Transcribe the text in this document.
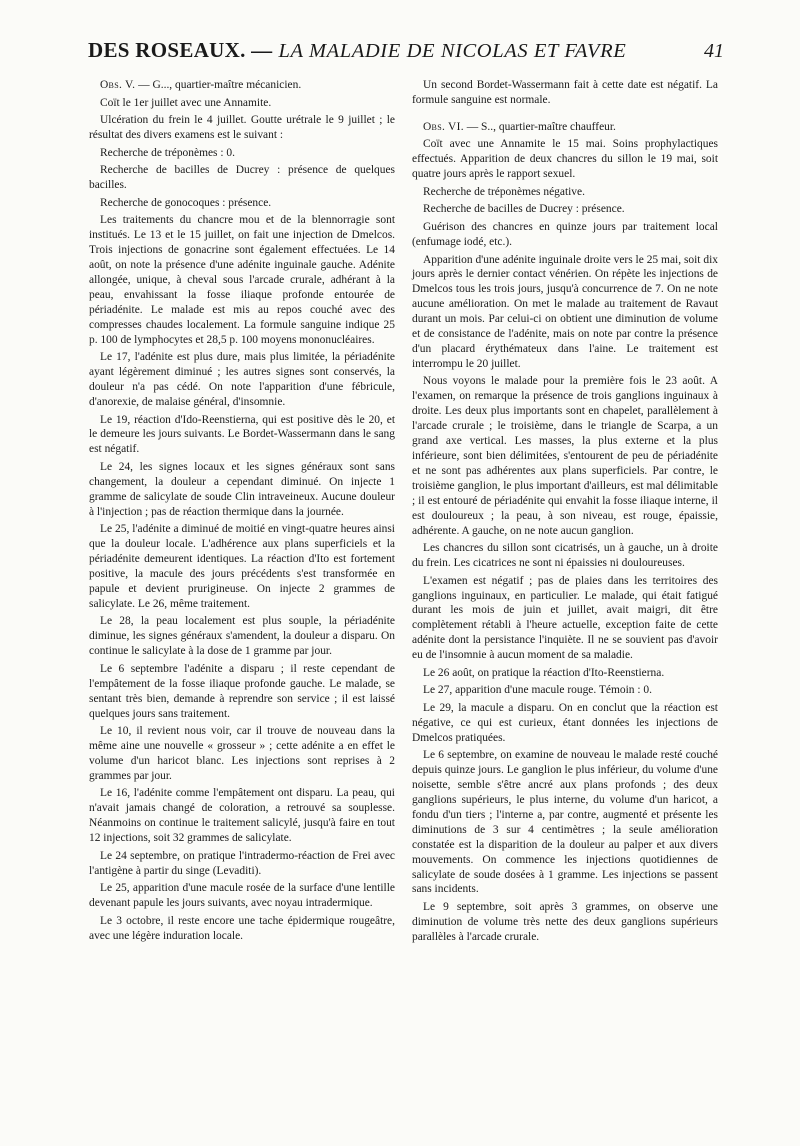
DES ROSEAUX. — LA MALADIE DE NICOLAS ET FAVRE	41

Obs. V. — G..., quartier-maître mécanicien.

Coït le 1er juillet avec une Annamite.

Ulcération du frein le 4 juillet. Goutte urétrale le 9 juillet ; le résultat des divers examens est le suivant :

Recherche de tréponèmes : 0.

Recherche de bacilles de Ducrey : présence de quelques bacilles.

Recherche de gonocoques : présence.

Les traitements du chancre mou et de la blennorragie sont institués. Le 13 et le 15 juillet, on fait une injection de Dmelcos. Trois injections de gonacrine sont également effectuées. Le 14 août, on note la présence d'une adénite inguinale gauche. Adénite allongée, unique, à cheval sous l'arcade crurale, adhérant à la peau, envahissant la fosse iliaque profonde entourée de périadénite. Le malade est mis au repos couché avec des compresses chaudes localement. La formule sanguine indique 25 p. 100 de lymphocytes et 28,5 p. 100 moyens mononucléaires.

Le 17, l'adénite est plus dure, mais plus limitée, la périadénite ayant légèrement diminué ; les autres signes sont conservés, la douleur n'a pas cédé. On note l'apparition d'une fébricule, d'anorexie, de malaise général, d'insomnie.

Le 19, réaction d'Ido-Reenstierna, qui est positive dès le 20, et le demeure les jours suivants. Le Bordet-Wassermann dans le sang est négatif.

Le 24, les signes locaux et les signes généraux sont sans changement, la douleur a cependant diminué. On injecte 1 gramme de salicylate de soude Clin intraveineux. Aucune douleur à l'injection ; pas de réaction thermique dans la journée.

Le 25, l'adénite a diminué de moitié en vingt-quatre heures ainsi que la douleur locale. L'adhérence aux plans superficiels et la périadénite demeurent identiques. La réaction d'Ito est fortement positive, la macule des jours précédents s'est transformée en papule et devient prurigineuse. On injecte 2 grammes de salicylate. Le 26, même traitement.

Le 28, la peau localement est plus souple, la périadénite diminue, les signes généraux s'amendent, la douleur a disparu. On continue le salicylate à la dose de 1 gramme par jour.

Le 6 septembre l'adénite a disparu ; il reste cependant de l'empâtement de la fosse iliaque profonde gauche. Le malade, se sentant très bien, demande à reprendre son service ; il est laissé quelques jours sans traitement.

Le 10, il revient nous voir, car il trouve de nouveau dans la même aine une nouvelle « grosseur » ; cette adénite a en effet le volume d'un haricot blanc. Les injections sont reprises à 2 grammes par jour.

Le 16, l'adénite comme l'empâtement ont disparu. La peau, qui n'avait jamais changé de coloration, a retrouvé sa souplesse. Néanmoins on continue le traitement salicylé, jusqu'à faire en tout 12 injections, soit 32 grammes de salicylate.

Le 24 septembre, on pratique l'intradermo-réaction de Frei avec l'antigène à partir du singe (Levaditi).

Le 25, apparition d'une macule rosée de la surface d'une lentille devenant papule les jours suivants, avec noyau intradermique.

Le 3 octobre, il reste encore une tache épidermique rougeâtre, avec une légère induration locale.

Un second Bordet-Wassermann fait à cette date est négatif. La formule sanguine est normale.

Obs. VI. — S.., quartier-maître chauffeur.

Coït avec une Annamite le 15 mai. Soins prophylactiques effectués. Apparition de deux chancres du sillon le 19 mai, soit quatre jours après le rapport sexuel.

Recherche de tréponèmes négative.

Recherche de bacilles de Ducrey : présence.

Guérison des chancres en quinze jours par traitement local (enfumage iodé, etc.).

Apparition d'une adénite inguinale droite vers le 25 mai, soit dix jours après le dernier contact vénérien. On répète les injections de Dmelcos tous les trois jours, jusqu'à concurrence de 7. On ne note aucune amélioration. On met le malade au traitement de Ravaut durant un mois. Par celui-ci on obtient une diminution de volume et de consistance de l'adénite, mais on note par contre la présence d'un placard érythémateux dans l'aine. Le traitement est interrompu le 20 juillet.

Nous voyons le malade pour la première fois le 23 août. A l'examen, on remarque la présence de trois ganglions inguinaux à droite. Les deux plus importants sont en chapelet, parallèlement à l'arcade crurale ; le troisième, dans le triangle de Scarpa, a un grand axe vertical. Les masses, la plus externe et la plus inférieure, sont bien délimitées, s'entourent de peu de périadénite et ne sont pas adhérentes aux plans superficiels. Par contre, le troisième ganglion, le plus important d'ailleurs, est mal délimitable ; il est entouré de périadénite qui envahit la fosse iliaque interne, il est douloureux ; la peau, à son niveau, est rouge, épaissie, adhérente. A gauche, on ne note aucun ganglion.

Les chancres du sillon sont cicatrisés, un à gauche, un à droite du frein. Les cicatrices ne sont ni épaissies ni douloureuses.

L'examen est négatif ; pas de plaies dans les territoires des ganglions inguinaux, en particulier. Le malade, qui était fatigué durant les mois de juin et juillet, avait maigri, dit être complètement rétabli à l'heure actuelle, exception faite de cette adénite dont la persistance l'inquiète. Il ne se souvient pas d'avoir eu de l'insomnie à aucun moment de sa maladie.

Le 26 août, on pratique la réaction d'Ito-Reenstierna.

Le 27, apparition d'une macule rouge. Témoin : 0.

Le 29, la macule a disparu. On en conclut que la réaction est négative, ce qui est curieux, étant données les injections de Dmelcos pratiquées.

Le 6 septembre, on examine de nouveau le malade resté couché depuis quinze jours. Le ganglion le plus inférieur, du volume d'une noisette, semble s'être ancré aux plans profonds ; des deux ganglions supérieurs, le plus interne, du volume d'un haricot, a fondu d'un tiers ; l'interne a, par contre, augmenté et présente les diminutions de 3 sur 4 centimètres ; la seule amélioration constatée est la disparition de la douleur au palper et aux divers mouvements. On commence les injections quotidiennes de salicylate de soude dosées à 1 gramme. Les injections se passent sans incidents.

Le 9 septembre, soit après 3 grammes, on observe une diminution de volume très nette des deux ganglions supérieurs parallèles à l'arcade crurale.
